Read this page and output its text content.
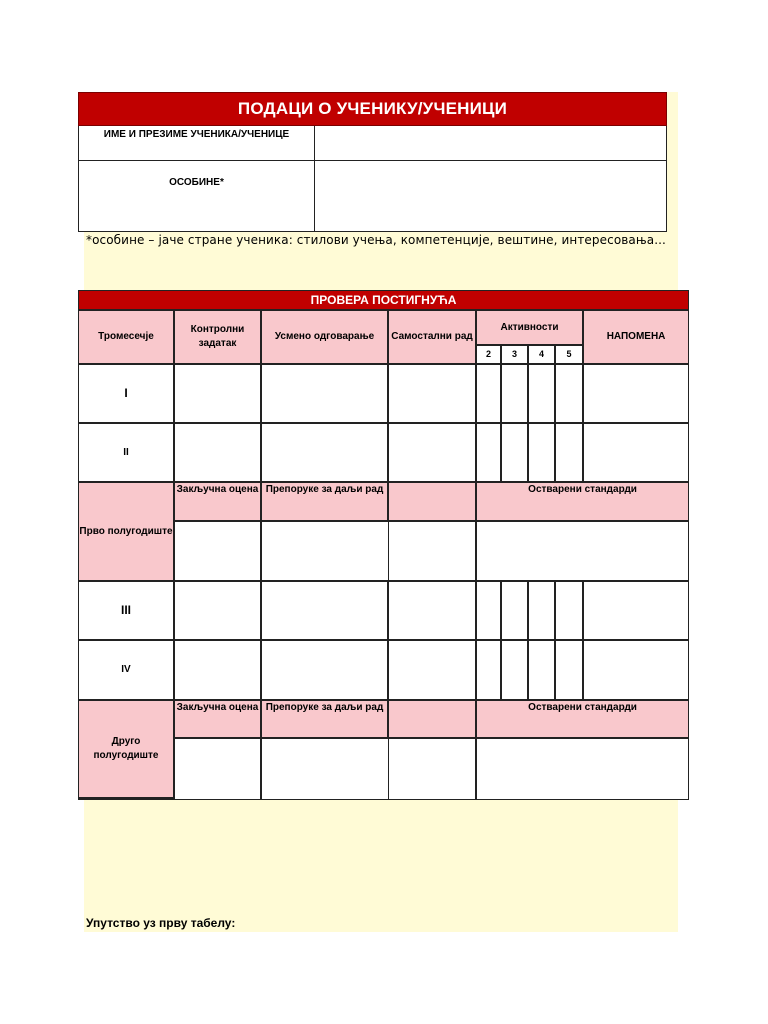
ПОДАЦИ О УЧЕНИКУ/УЧЕНИЦИ	
ИМЕ И ПРЕЗИМЕ УЧЕНИКА/УЧЕНИЦЕ	
ОСОБИНЕ*	
*особине – јаче стране ученика: стилови учења, компетенције, вештине, интересовања...
ПРОВЕРА ПОСТИГНУЋА								
Тромесечје	Контролни задатак	Усмено одговарање	Самостални рад	Активности				НАПОМЕНА
				2	3	4	5	
I								
II								
Прво полугодиште	Закључна оцена	Препоруке за даљи рад		Остварени стандарди				

III								
IV								
Друго полугодиште	Закључна оцена	Препоруке за даљи рад		Остварени стандарди				

Упутство уз прву табелу:
